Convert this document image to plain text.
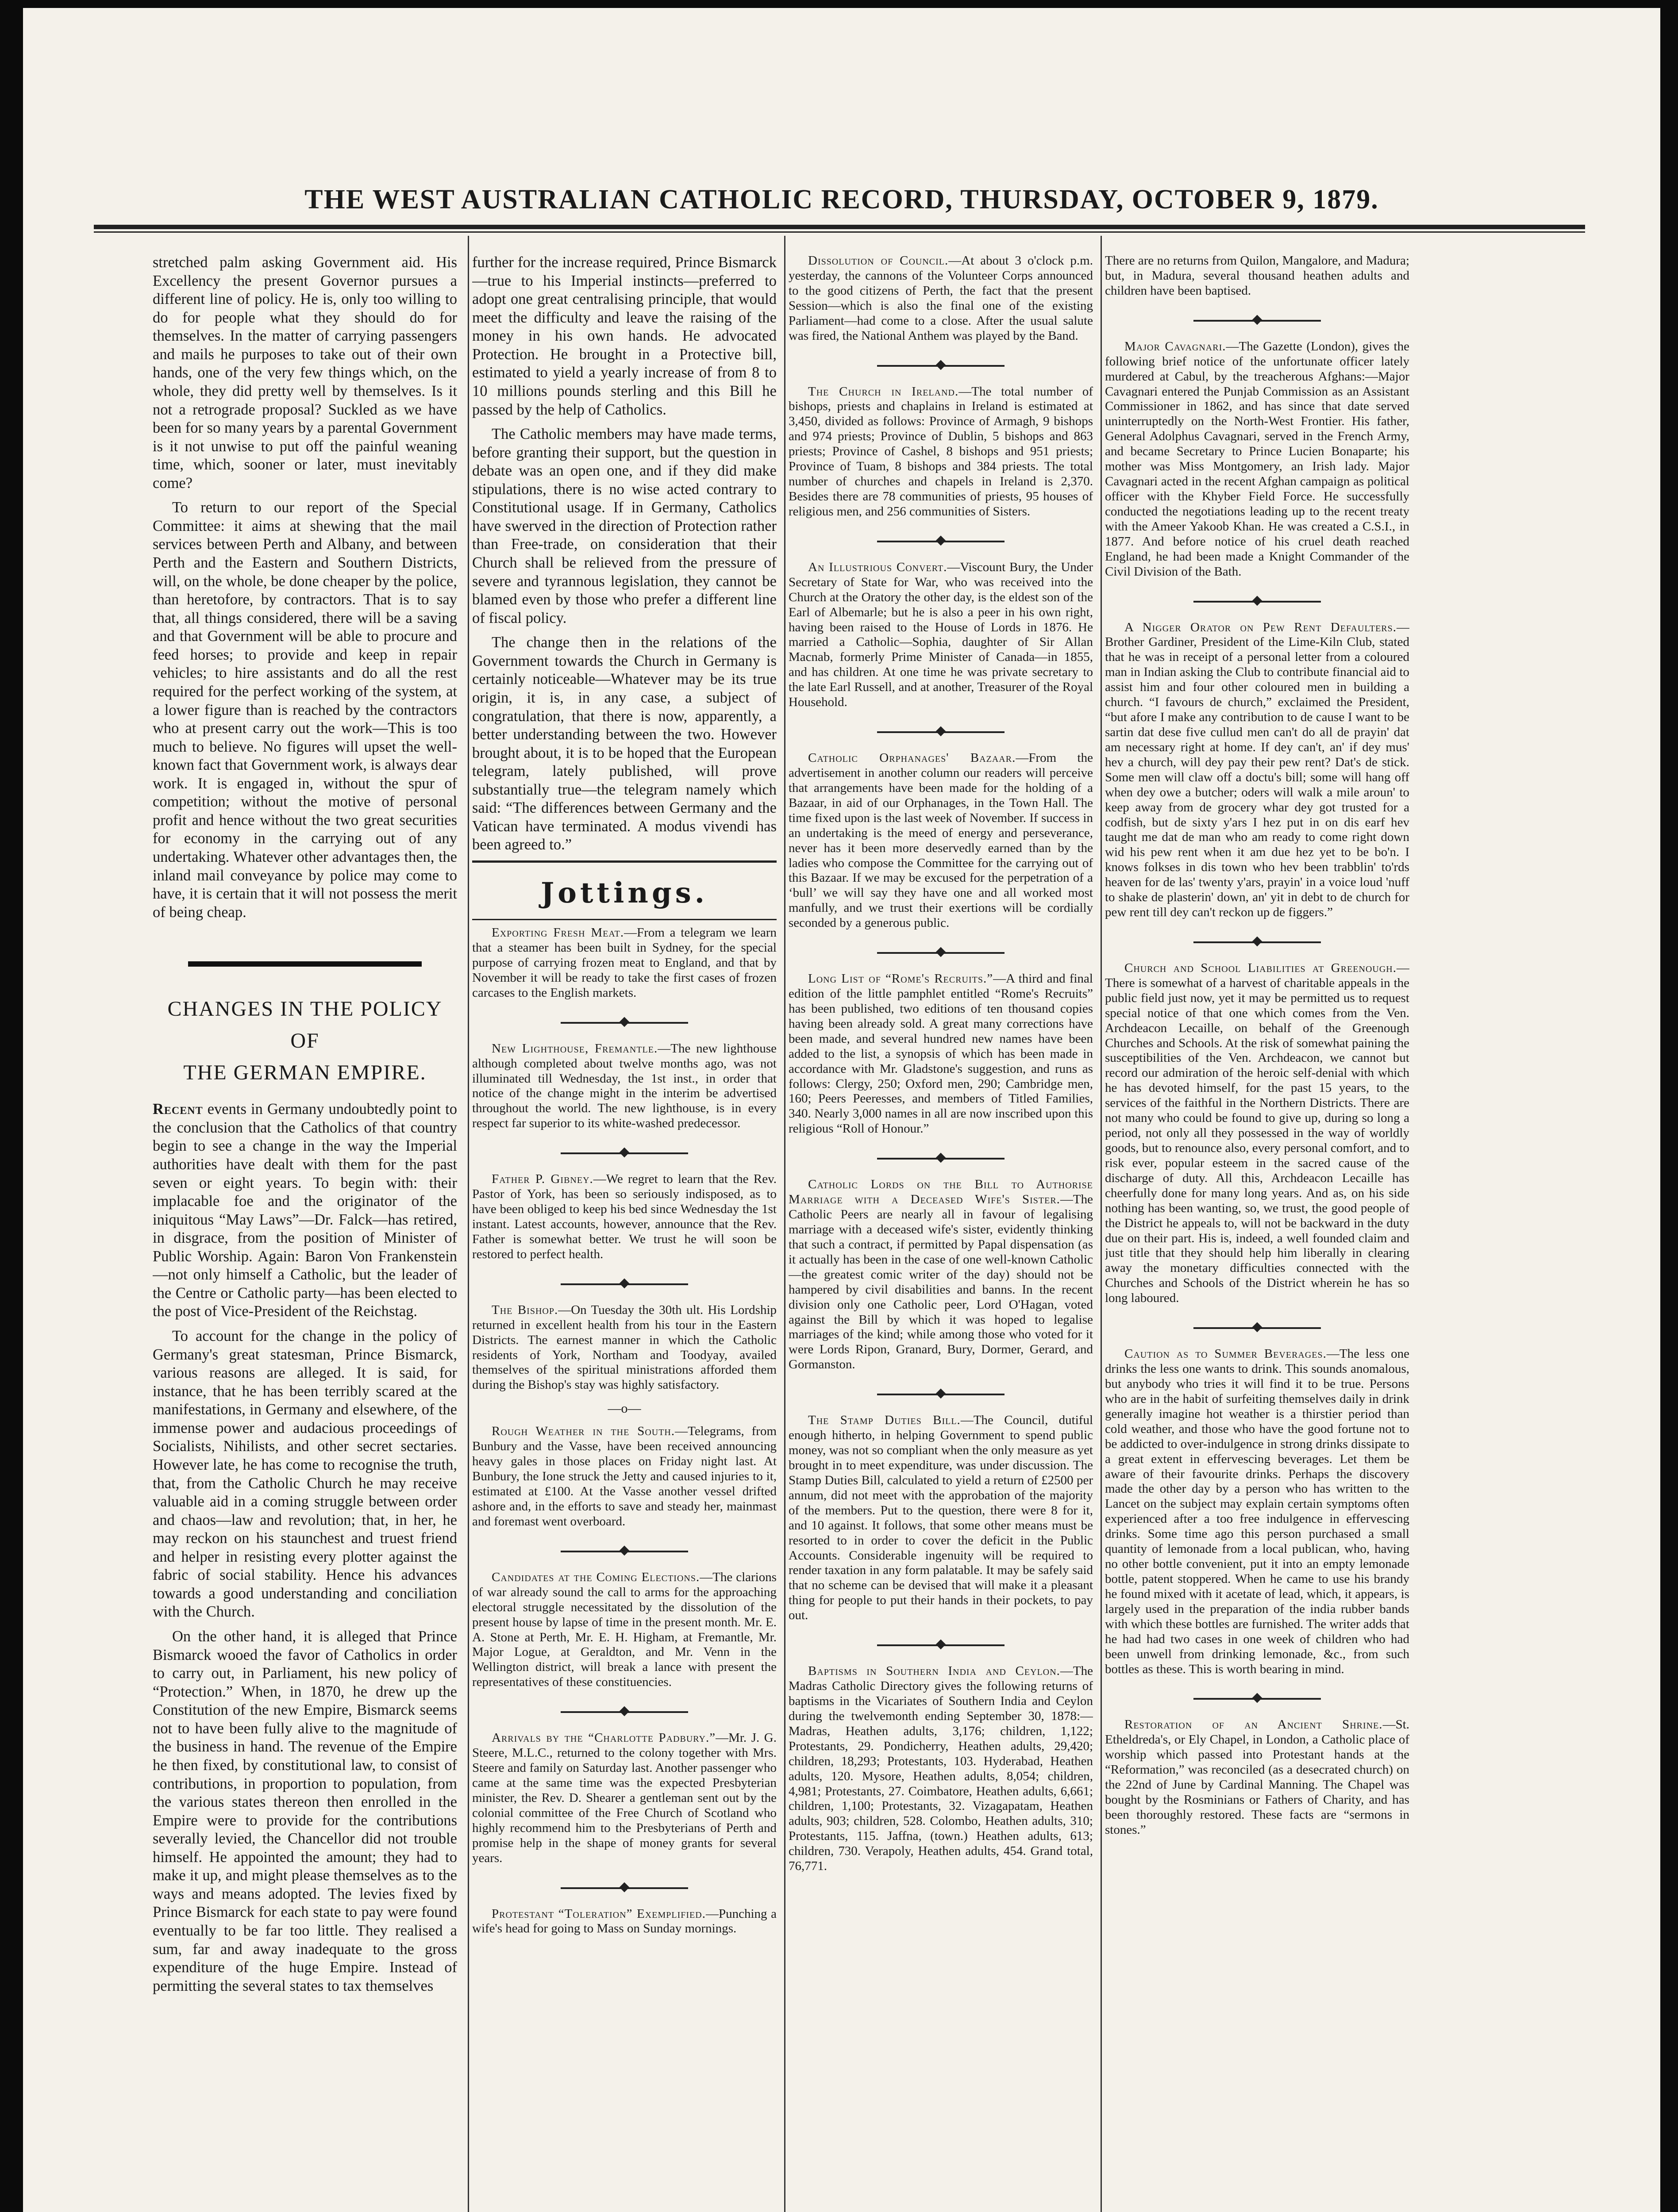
THE WEST AUSTRALIAN CATHOLIC RECORD, THURSDAY, OCTOBER 9, 1879.

stretched palm asking Government aid. His Excellency the present Governor pursues a different line of policy. He is, only too willing to do for people what they should do for themselves. In the matter of carrying passengers and mails he purposes to take out of their own hands, one of the very few things which, on the whole, they did pretty well by themselves. Is it not a retrograde proposal? Suckled as we have been for so many years by a parental Government is it not unwise to put off the painful weaning time, which, sooner or later, must inevitably come?

To return to our report of the Special Committee: it aims at shewing that the mail services between Perth and Albany, and between Perth and the Eastern and Southern Districts, will, on the whole, be done cheaper by the police, than heretofore, by contractors. That is to say that, all things considered, there will be a saving and that Government will be able to procure and feed horses; to provide and keep in repair vehicles; to hire assistants and do all the rest required for the perfect working of the system, at a lower figure than is reached by the contractors who at present carry out the work—This is too much to believe. No figures will upset the well-known fact that Government work, is always dear work. It is engaged in, without the spur of competition; without the motive of personal profit and hence without the two great securities for economy in the carrying out of any undertaking. Whatever other advantages then, the inland mail conveyance by police may come to have, it is certain that it will not possess the merit of being cheap.

CHANGES IN THE POLICY OF
THE GERMAN EMPIRE.

Recent events in Germany undoubtedly point to the conclusion that the Catholics of that country begin to see a change in the way the Imperial authorities have dealt with them for the past seven or eight years. To begin with: their implacable foe and the originator of the iniquitous “May Laws”—Dr. Falck—has retired, in disgrace, from the position of Minister of Public Worship. Again: Baron Von Frankenstein—not only himself a Catholic, but the leader of the Centre or Catholic party—has been elected to the post of Vice-President of the Reichstag.

To account for the change in the policy of Germany's great statesman, Prince Bismarck, various reasons are alleged. It is said, for instance, that he has been terribly scared at the manifestations, in Germany and elsewhere, of the immense power and audacious proceedings of Socialists, Nihilists, and other secret sectaries. However late, he has come to recognise the truth, that, from the Catholic Church he may receive valuable aid in a coming struggle between order and chaos—law and revolution; that, in her, he may reckon on his staunchest and truest friend and helper in resisting every plotter against the fabric of social stability. Hence his advances towards a good understanding and conciliation with the Church.

On the other hand, it is alleged that Prince Bismarck wooed the favor of Catholics in order to carry out, in Parliament, his new policy of “Protection.” When, in 1870, he drew up the Constitution of the new Empire, Bismarck seems not to have been fully alive to the magnitude of the business in hand. The revenue of the Empire he then fixed, by constitutional law, to consist of contributions, in proportion to population, from the various states thereon then enrolled in the Empire were to provide for the contributions severally levied, the Chancellor did not trouble himself. He appointed the amount; they had to make it up, and might please themselves as to the ways and means adopted. The levies fixed by Prince Bismarck for each state to pay were found eventually to be far too little. They realised a sum, far and away inadequate to the gross expenditure of the huge Empire. Instead of permitting the several states to tax themselves

further for the increase required, Prince Bismarck—true to his Imperial instincts—preferred to adopt one great centralising principle, that would meet the difficulty and leave the raising of the money in his own hands. He advocated Protection. He brought in a Protective bill, estimated to yield a yearly increase of from 8 to 10 millions pounds sterling and this Bill he passed by the help of Catholics.

The Catholic members may have made terms, before granting their support, but the question in debate was an open one, and if they did make stipulations, there is no wise acted contrary to Constitutional usage. If in Germany, Catholics have swerved in the direction of Protection rather than Free-trade, on consideration that their Church shall be relieved from the pressure of severe and tyrannous legislation, they cannot be blamed even by those who prefer a different line of fiscal policy.

The change then in the relations of the Government towards the Church in Germany is certainly noticeable—Whatever may be its true origin, it is, in any case, a subject of congratulation, that there is now, apparently, a better understanding between the two. However brought about, it is to be hoped that the European telegram, lately published, will prove substantially true—the telegram namely which said: “The differences between Germany and the Vatican have terminated. A modus vivendi has been agreed to.”

Jottings.

Exporting Fresh Meat.—From a telegram we learn that a steamer has been built in Sydney, for the special purpose of carrying frozen meat to England, and that by November it will be ready to take the first cases of frozen carcases to the English markets.

New Lighthouse, Fremantle.—The new lighthouse although completed about twelve months ago, was not illuminated till Wednesday, the 1st inst., in order that notice of the change might in the interim be advertised throughout the world. The new lighthouse, is in every respect far superior to its white-washed predecessor.

Father P. Gibney.—We regret to learn that the Rev. Pastor of York, has been so seriously indisposed, as to have been obliged to keep his bed since Wednesday the 1st instant. Latest accounts, however, announce that the Rev. Father is somewhat better. We trust he will soon be restored to perfect health.

The Bishop.—On Tuesday the 30th ult. His Lordship returned in excellent health from his tour in the Eastern Districts. The earnest manner in which the Catholic residents of York, Northam and Toodyay, availed themselves of the spiritual ministrations afforded them during the Bishop's stay was highly satisfactory.

—o—

Rough Weather in the South.—Telegrams, from Bunbury and the Vasse, have been received announcing heavy gales in those places on Friday night last. At Bunbury, the Ione struck the Jetty and caused injuries to it, estimated at £100. At the Vasse another vessel drifted ashore and, in the efforts to save and steady her, mainmast and foremast went overboard.

Candidates at the Coming Elections.—The clarions of war already sound the call to arms for the approaching electoral struggle necessitated by the dissolution of the present house by lapse of time in the present month. Mr. E. A. Stone at Perth, Mr. E. H. Higham, at Fremantle, Mr. Major Logue, at Geraldton, and Mr. Venn in the Wellington district, will break a lance with present the representatives of these constituencies.

Arrivals by the “Charlotte Padbury.”—Mr. J. G. Steere, M.L.C., returned to the colony together with Mrs. Steere and family on Saturday last. Another passenger who came at the same time was the expected Presbyterian minister, the Rev. D. Shearer a gentleman sent out by the colonial committee of the Free Church of Scotland who highly recommend him to the Presbyterians of Perth and promise help in the shape of money grants for several years.

Protestant “Toleration” Exemplified.—Punching a wife's head for going to Mass on Sunday mornings.

Dissolution of Council.—At about 3 o'clock p.m. yesterday, the cannons of the Volunteer Corps announced to the good citizens of Perth, the fact that the present Session—which is also the final one of the existing Parliament—had come to a close. After the usual salute was fired, the National Anthem was played by the Band.

The Church in Ireland.—The total number of bishops, priests and chaplains in Ireland is estimated at 3,450, divided as follows: Province of Armagh, 9 bishops and 974 priests; Province of Dublin, 5 bishops and 863 priests; Province of Cashel, 8 bishops and 951 priests; Province of Tuam, 8 bishops and 384 priests. The total number of churches and chapels in Ireland is 2,370. Besides there are 78 communities of priests, 95 houses of religious men, and 256 communities of Sisters.

An Illustrious Convert.—Viscount Bury, the Under Secretary of State for War, who was received into the Church at the Oratory the other day, is the eldest son of the Earl of Albemarle; but he is also a peer in his own right, having been raised to the House of Lords in 1876. He married a Catholic—Sophia, daughter of Sir Allan Macnab, formerly Prime Minister of Canada—in 1855, and has children. At one time he was private secretary to the late Earl Russell, and at another, Treasurer of the Royal Household.

Catholic Orphanages' Bazaar.—From the advertisement in another column our readers will perceive that arrangements have been made for the holding of a Bazaar, in aid of our Orphanages, in the Town Hall. The time fixed upon is the last week of November. If success in an undertaking is the meed of energy and perseverance, never has it been more deservedly earned than by the ladies who compose the Committee for the carrying out of this Bazaar. If we may be excused for the perpetration of a ‘bull’ we will say they have one and all worked most manfully, and we trust their exertions will be cordially seconded by a generous public.

Long List of “Rome's Recruits.”—A third and final edition of the little pamphlet entitled “Rome's Recruits” has been published, two editions of ten thousand copies having been already sold. A great many corrections have been made, and several hundred new names have been added to the list, a synopsis of which has been made in accordance with Mr. Gladstone's suggestion, and runs as follows: Clergy, 250; Oxford men, 290; Cambridge men, 160; Peers Peeresses, and members of Titled Families, 340. Nearly 3,000 names in all are now inscribed upon this religious “Roll of Honour.”

Catholic Lords on the Bill to Authorise Marriage with a Deceased Wife's Sister.—The Catholic Peers are nearly all in favour of legalising marriage with a deceased wife's sister, evidently thinking that such a contract, if permitted by Papal dispensation (as it actually has been in the case of one well-known Catholic—the greatest comic writer of the day) should not be hampered by civil disabilities and banns. In the recent division only one Catholic peer, Lord O'Hagan, voted against the Bill by which it was hoped to legalise marriages of the kind; while among those who voted for it were Lords Ripon, Granard, Bury, Dormer, Gerard, and Gormanston.

The Stamp Duties Bill.—The Council, dutiful enough hitherto, in helping Government to spend public money, was not so compliant when the only measure as yet brought in to meet expenditure, was under discussion. The Stamp Duties Bill, calculated to yield a return of £2500 per annum, did not meet with the approbation of the majority of the members. Put to the question, there were 8 for it, and 10 against. It follows, that some other means must be resorted to in order to cover the deficit in the Public Accounts. Considerable ingenuity will be required to render taxation in any form palatable. It may be safely said that no scheme can be devised that will make it a pleasant thing for people to put their hands in their pockets, to pay out.

Baptisms in Southern India and Ceylon.—The Madras Catholic Directory gives the following returns of baptisms in the Vicariates of Southern India and Ceylon during the twelvemonth ending September 30, 1878:—Madras, Heathen adults, 3,176; children, 1,122; Protestants, 29. Pondicherry, Heathen adults, 29,420; children, 18,293; Protestants, 103. Hyderabad, Heathen adults, 120. Mysore, Heathen adults, 8,054; children, 4,981; Protestants, 27. Coimbatore, Heathen adults, 6,661; children, 1,100; Protestants, 32. Vizagapatam, Heathen adults, 903; children, 528. Colombo, Heathen adults, 310; Protestants, 115. Jaffna, (town.) Heathen adults, 613; children, 730. Verapoly, Heathen adults, 454. Grand total, 76,771.

There are no returns from Quilon, Mangalore, and Madura; but, in Madura, several thousand heathen adults and children have been baptised.

Major Cavagnari.—The Gazette (London), gives the following brief notice of the unfortunate officer lately murdered at Cabul, by the treacherous Afghans:—Major Cavagnari entered the Punjab Commission as an Assistant Commissioner in 1862, and has since that date served uninterruptedly on the North-West Frontier. His father, General Adolphus Cavagnari, served in the French Army, and became Secretary to Prince Lucien Bonaparte; his mother was Miss Montgomery, an Irish lady. Major Cavagnari acted in the recent Afghan campaign as political officer with the Khyber Field Force. He successfully conducted the negotiations leading up to the recent treaty with the Ameer Yakoob Khan. He was created a C.S.I., in 1877. And before notice of his cruel death reached England, he had been made a Knight Commander of the Civil Division of the Bath.

A Nigger Orator on Pew Rent Defaulters.—Brother Gardiner, President of the Lime-Kiln Club, stated that he was in receipt of a personal letter from a coloured man in Indian asking the Club to contribute financial aid to assist him and four other coloured men in building a church. “I favours de church,” exclaimed the President, “but afore I make any contribution to de cause I want to be sartin dat dese five cullud men can't do all de prayin' dat am necessary right at home. If dey can't, an' if dey mus' hev a church, will dey pay their pew rent? Dat's de stick. Some men will claw off a doctu's bill; some will hang off when dey owe a butcher; oders will walk a mile aroun' to keep away from de grocery whar dey got trusted for a codfish, but de sixty y'ars I hez put in on dis earf hev taught me dat de man who am ready to come right down wid his pew rent when it am due hez yet to be bo'n. I knows folkses in dis town who hev been trabblin' to'rds heaven for de las' twenty y'ars, prayin' in a voice loud 'nuff to shake de plasterin' down, an' yit in debt to de church for pew rent till dey can't reckon up de figgers.”

Church and School Liabilities at Greenough.—There is somewhat of a harvest of charitable appeals in the public field just now, yet it may be permitted us to request special notice of that one which comes from the Ven. Archdeacon Lecaille, on behalf of the Greenough Churches and Schools. At the risk of somewhat paining the susceptibilities of the Ven. Archdeacon, we cannot but record our admiration of the heroic self-denial with which he has devoted himself, for the past 15 years, to the services of the faithful in the Northern Districts. There are not many who could be found to give up, during so long a period, not only all they possessed in the way of worldly goods, but to renounce also, every personal comfort, and to risk ever, popular esteem in the sacred cause of the discharge of duty. All this, Archdeacon Lecaille has cheerfully done for many long years. And as, on his side nothing has been wanting, so, we trust, the good people of the District he appeals to, will not be backward in the duty due on their part. His is, indeed, a well founded claim and just title that they should help him liberally in clearing away the monetary difficulties connected with the Churches and Schools of the District wherein he has so long laboured.

Caution as to Summer Beverages.—The less one drinks the less one wants to drink. This sounds anomalous, but anybody who tries it will find it to be true. Persons who are in the habit of surfeiting themselves daily in drink generally imagine hot weather is a thirstier period than cold weather, and those who have the good fortune not to be addicted to over-indulgence in strong drinks dissipate to a great extent in effervescing beverages. Let them be aware of their favourite drinks. Perhaps the discovery made the other day by a person who has written to the Lancet on the subject may explain certain symptoms often experienced after a too free indulgence in effervescing drinks. Some time ago this person purchased a small quantity of lemonade from a local publican, who, having no other bottle convenient, put it into an empty lemonade bottle, patent stoppered. When he came to use his brandy he found mixed with it acetate of lead, which, it appears, is largely used in the preparation of the india rubber bands with which these bottles are furnished. The writer adds that he had had two cases in one week of children who had been unwell from drinking lemonade, &c., from such bottles as these. This is worth bearing in mind.

Restoration of an Ancient Shrine.—St. Etheldreda's, or Ely Chapel, in London, a Catholic place of worship which passed into Protestant hands at the “Reformation,” was reconciled (as a desecrated church) on the 22nd of June by Cardinal Manning. The Chapel was bought by the Rosminians or Fathers of Charity, and has been thoroughly restored. These facts are “sermons in stones.”
